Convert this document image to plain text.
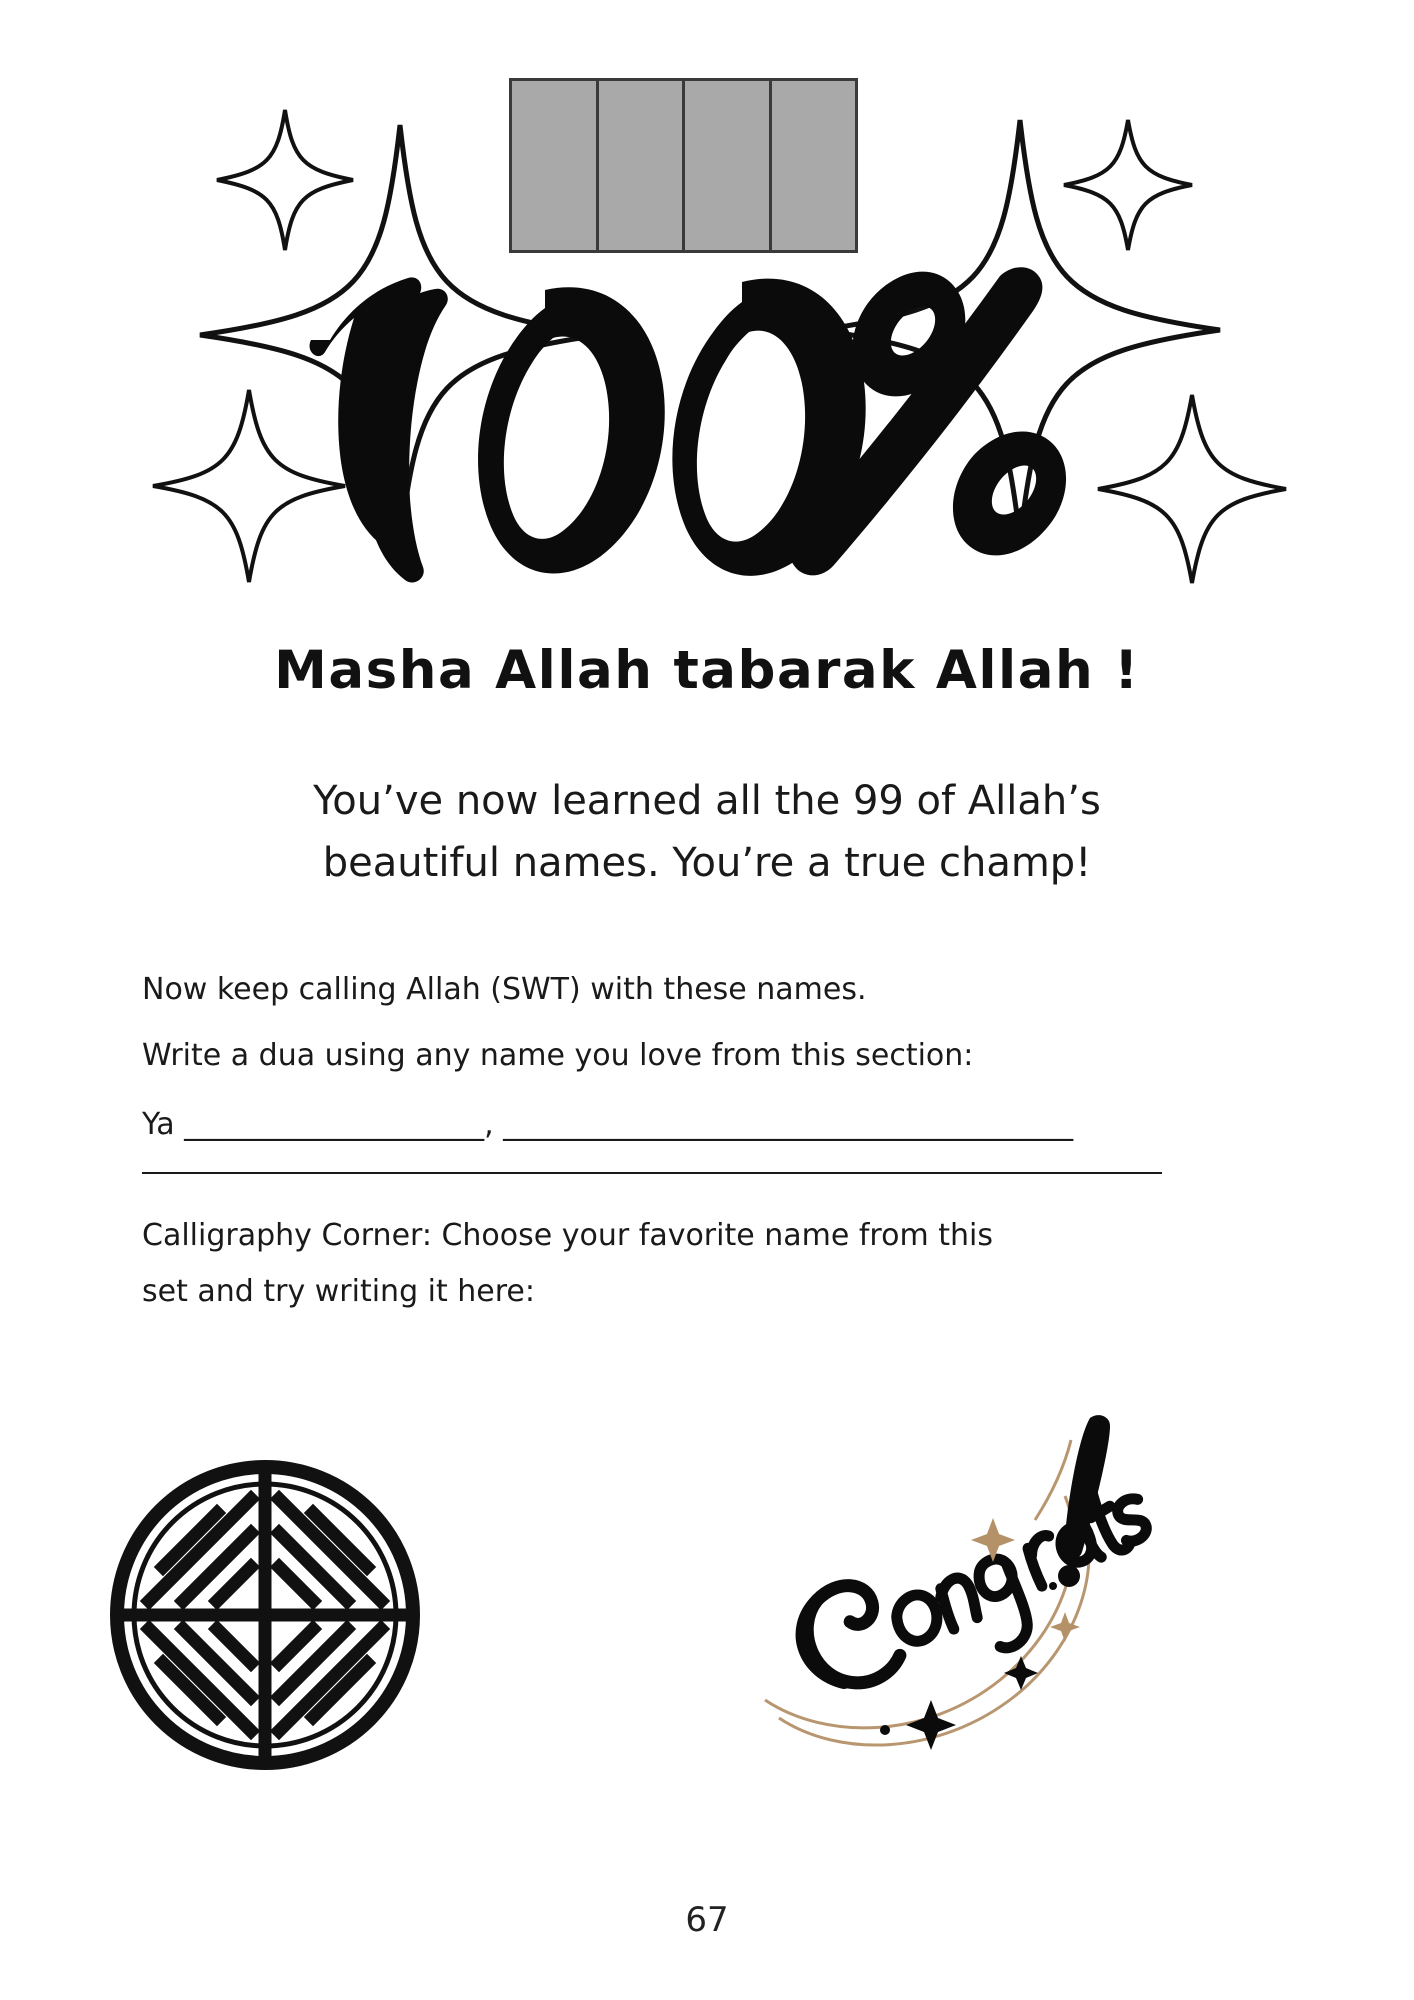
Masha Allah tabarak Allah !
You’ve now learned all the 99 of Allah’s
beautiful names. You’re a true champ!
Now keep calling Allah (SWT) with these names.
Write a dua using any name you love from this section:
Ya ____________________, ______________________________________
Calligraphy Corner: Choose your favorite name from this
set and try writing it here:
67
